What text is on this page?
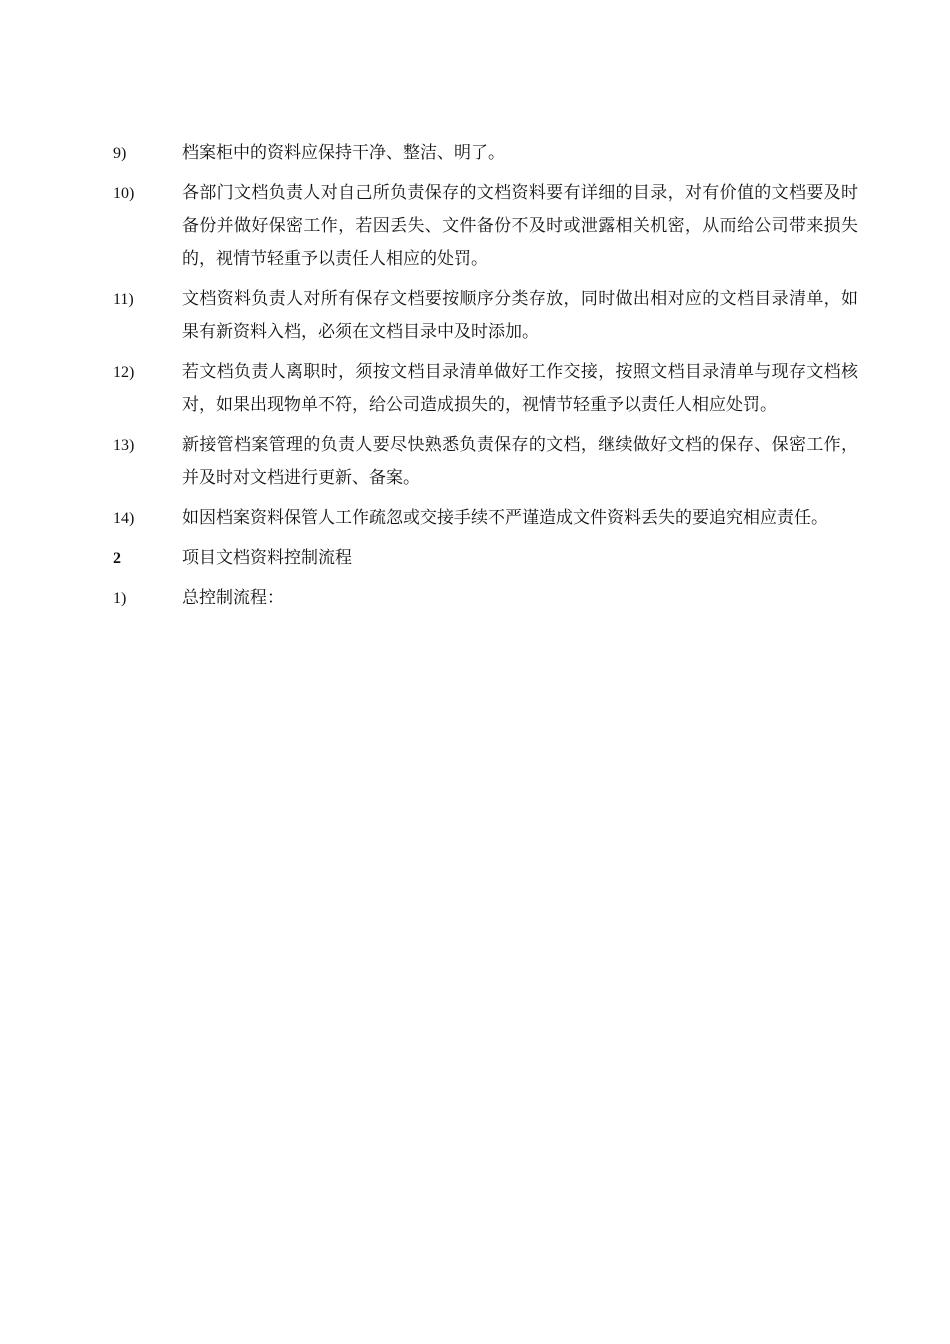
9)	档案柜中的资料应保持干净、整洁、明了。
10)	各部门文档负责人对自己所负责保存的文档资料要有详细的目录，对有价值的文档要及时备份并做好保密工作，若因丢失、文件备份不及时或泄露相关机密，从而给公司带来损失的，视情节轻重予以责任人相应的处罚。
11)	文档资料负责人对所有保存文档要按顺序分类存放，同时做出相对应的文档目录清单，如果有新资料入档，必须在文档目录中及时添加。
12)	若文档负责人离职时，须按文档目录清单做好工作交接，按照文档目录清单与现存文档核对，如果出现物单不符，给公司造成损失的，视情节轻重予以责任人相应处罚。
13)	新接管档案管理的负责人要尽快熟悉负责保存的文档，继续做好文档的保存、保密工作，并及时对文档进行更新、备案。
14)	如因档案资料保管人工作疏忽或交接手续不严谨造成文件资料丢失的要追究相应责任。
2	项目文档资料控制流程
1)	总控制流程：
